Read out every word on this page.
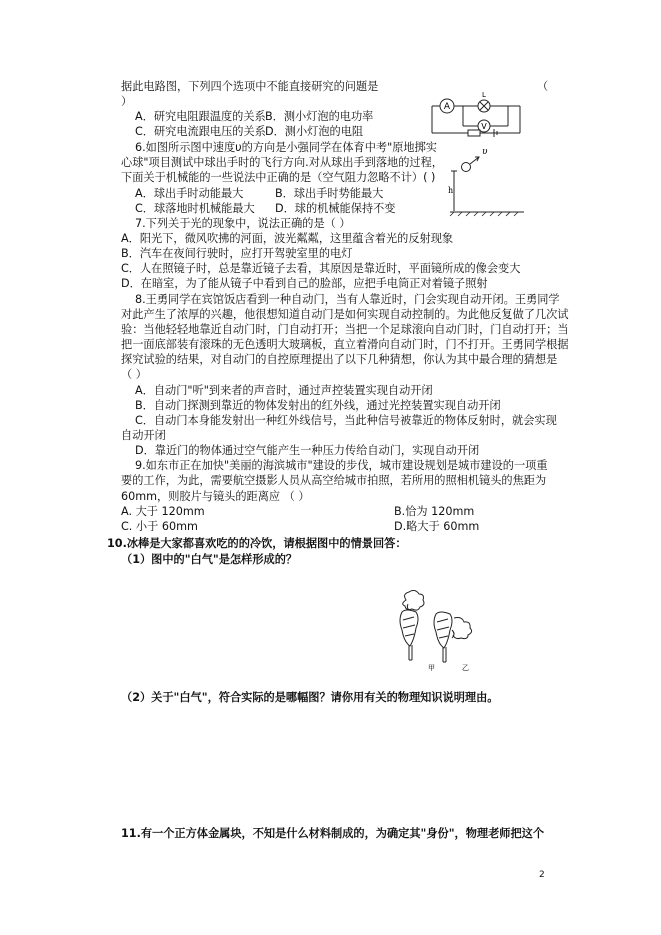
据此电路图，下列四个选项中不能直接研究的问题是	（
）
A．研究电阻跟温度的关系 B．测小灯泡的电功率
C．研究电流跟电压的关系 D．测小灯泡的电阻
A
L
V
6.如图所示图中速度υ的方向是小强同学在体育中考"原地掷实
心球"项目测试中球出手时的飞行方向.对从球出手到落地的过程，
下面关于机械能的一些说法中正确的是（空气阻力忽略不计）( )
A．球出手时动能最大	B．球出手时势能最大
C．球落地时机械能最大 D．球的机械能保持不变
υ
h
7.下列关于光的现象中，说法正确的是（ ）
A．阳光下，微风吹拂的河面，波光粼粼，这里蕴含着光的反射现象
B．汽车在夜间行驶时，应打开驾驶室里的电灯
C．人在照镜子时，总是靠近镜子去看，其原因是靠近时，平面镜所成的像会变大
D．在暗室，为了能从镜子中看到自己的脸部，应把手电筒正对着镜子照射
8.王勇同学在宾馆饭店看到一种自动门，当有人靠近时，门会实现自动开闭。王勇同学
对此产生了浓厚的兴趣，他很想知道自动门是如何实现自动控制的。为此他反复做了几次试
验：当他轻轻地靠近自动门时，门自动打开；当把一个足球滚向自动门时，门自动打开；当
把一面底部装有滚珠的无色透明大玻璃板，直立着滑向自动门时，门不打开。王勇同学根据
探究试验的结果，对自动门的自控原理提出了以下几种猜想，你认为其中最合理的猜想是
（ ）
A．自动门"听"到来者的声音时，通过声控装置实现自动开闭
B．自动门探测到靠近的物体发射出的红外线，通过光控装置实现自动开闭
C．自动门本身能发射出一种红外线信号，当此种信号被靠近的物体反射时，就会实现
自动开闭
D．靠近门的物体通过空气能产生一种压力传给自动门，实现自动开闭
9.如东市正在加快"美丽的海滨城市"建设的步伐，城市建设规划是城市建设的一项重
要的工作，为此，需要航空摄影人员从高空给城市拍照，若所用的照相机镜头的焦距为
60mm，则胶片与镜头的距离应 （ ）
A. 大于 120mm	B.恰为 120mm
C. 小于 60mm	D.略大于 60mm
10.冰棒是大家都喜欢吃的的冷饮，请根据图中的情景回答：
（1）图中的"白气"是怎样形成的？
甲	乙
（2）关于"白气"，符合实际的是哪幅图？请你用有关的物理知识说明理由。
11.有一个正方体金属块，不知是什么材料制成的，为确定其"身份"，物理老师把这个
2
